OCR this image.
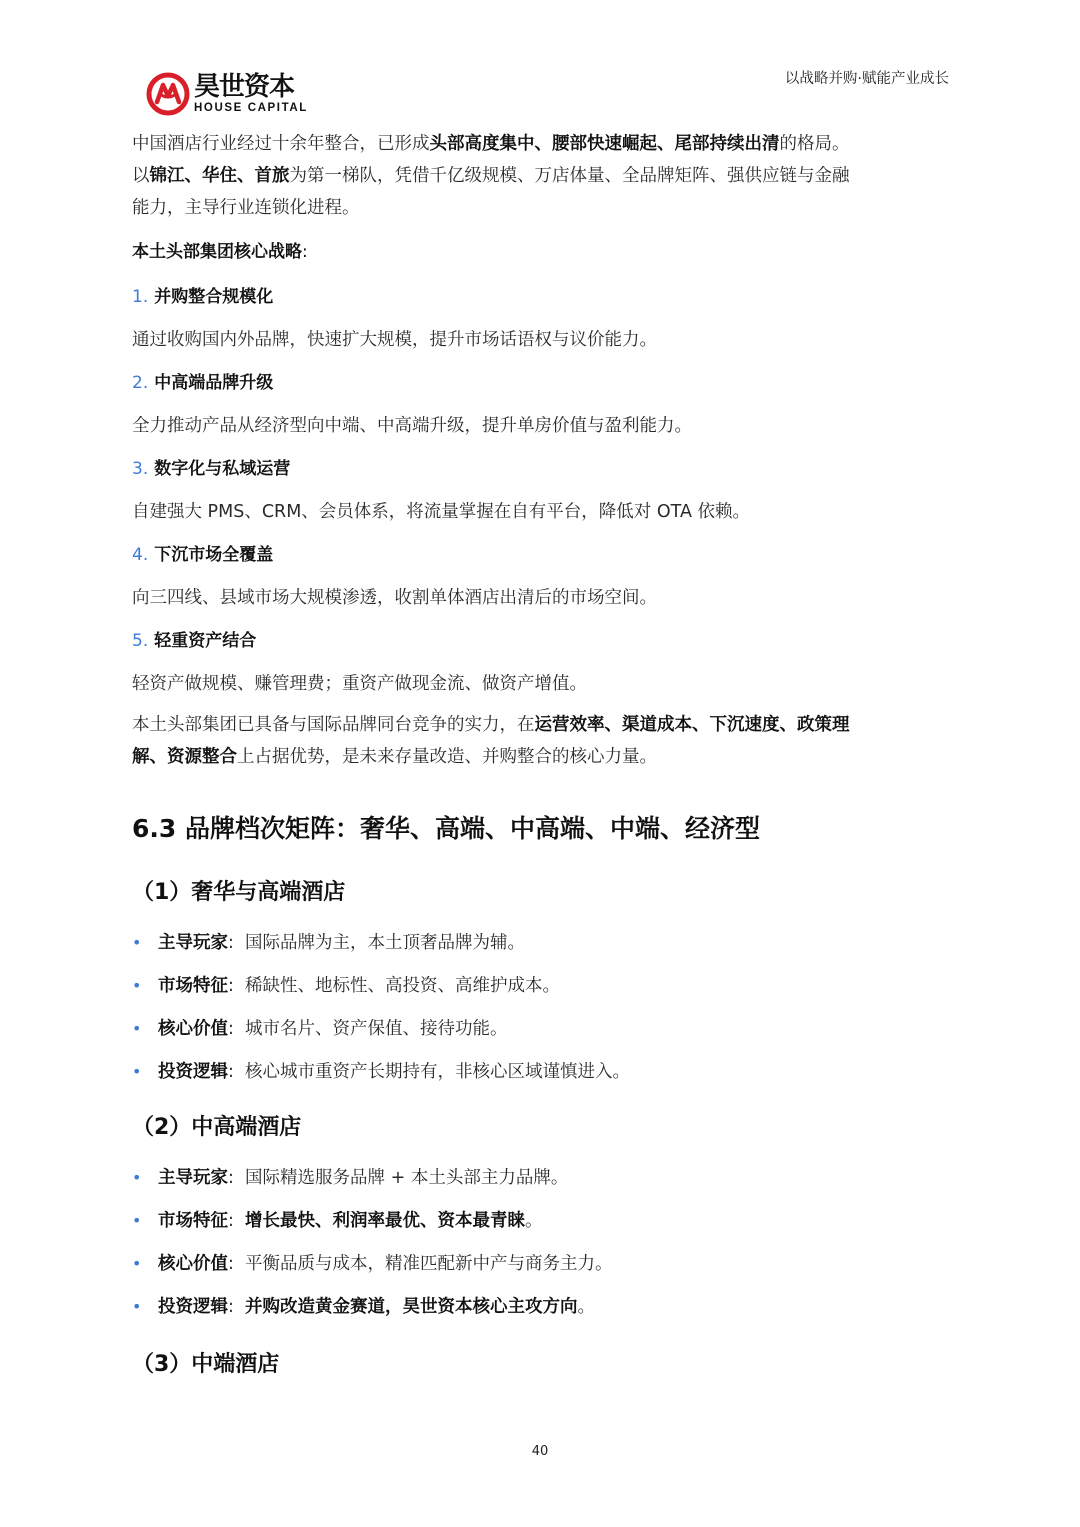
昊世资本
HOUSE CAPITAL
以战略并购·赋能产业成长

中国酒店行业经过十余年整合，已形成头部高度集中、腰部快速崛起、尾部持续出清的格局。

以锦江、华住、首旅为第一梯队，凭借千亿级规模、万店体量、全品牌矩阵、强供应链与金融

能力，主导行业连锁化进程。

本土头部集团核心战略:

1. 并购整合规模化

通过收购国内外品牌，快速扩大规模，提升市场话语权与议价能力。

2. 中高端品牌升级

全力推动产品从经济型向中端、中高端升级，提升单房价值与盈利能力。

3. 数字化与私域运营

自建强大 PMS、CRM、会员体系，将流量掌握在自有平台，降低对 OTA 依赖。

4. 下沉市场全覆盖

向三四线、县域市场大规模渗透，收割单体酒店出清后的市场空间。

5. 轻重资产结合

轻资产做规模、赚管理费；重资产做现金流、做资产增值。

本土头部集团已具备与国际品牌同台竞争的实力，在运营效率、渠道成本、下沉速度、政策理

解、资源整合上占据优势，是未来存量改造、并购整合的核心力量。

6.3 品牌档次矩阵：奢华、高端、中高端、中端、经济型
（1）奢华与高端酒店
• 主导玩家: 国际品牌为主，本土顶奢品牌为辅。
• 市场特征: 稀缺性、地标性、高投资、高维护成本。
• 核心价值: 城市名片、资产保值、接待功能。
• 投资逻辑: 核心城市重资产长期持有，非核心区域谨慎进入。
（2）中高端酒店
• 主导玩家: 国际精选服务品牌 + 本土头部主力品牌。
• 市场特征: 增长最快、利润率最优、资本最青睐。
• 核心价值: 平衡品质与成本，精准匹配新中产与商务主力。
• 投资逻辑: 并购改造黄金赛道，昊世资本核心主攻方向。
（3）中端酒店
40
